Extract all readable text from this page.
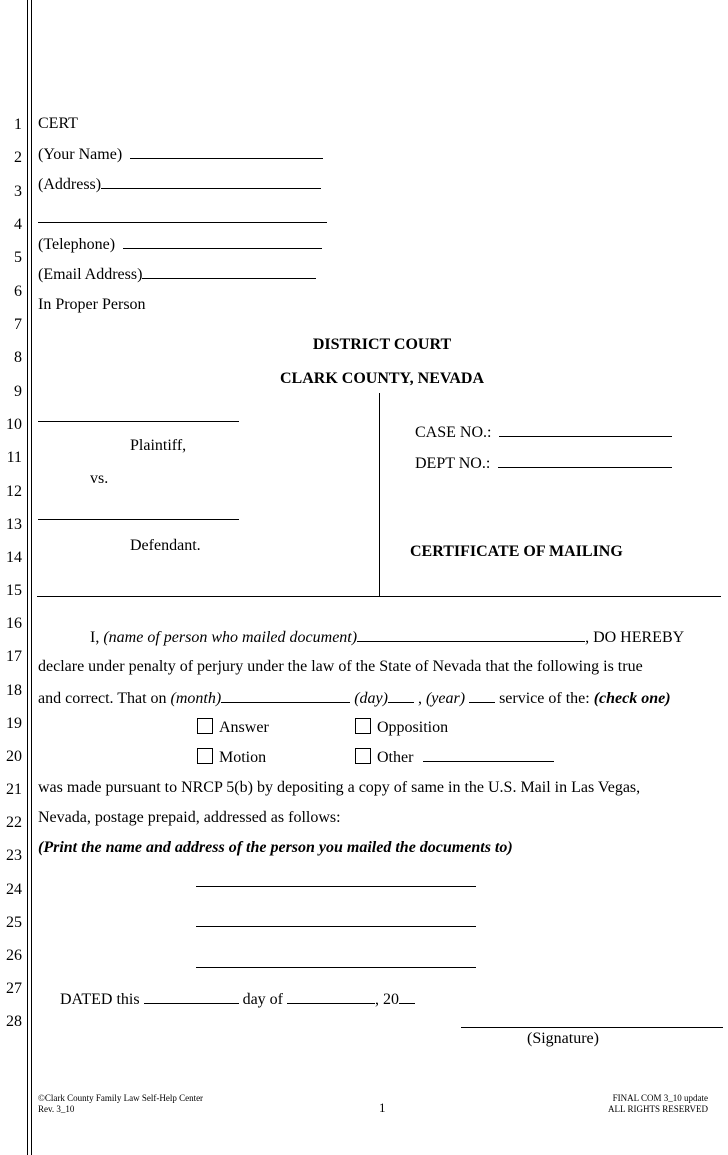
1
2
3
4
5
6
7
8
9
10
11
12
13
14
15
16
17
18
19
20
21
22
23
24
25
26
27
28
CERT
(Your Name)
(Address)
(Telephone)
(Email Address)
In Proper Person
DISTRICT COURT
CLARK COUNTY, NEVADA
Plaintiff,
vs.
Defendant.
CASE NO.:
DEPT NO.:
CERTIFICATE OF MAILING
I, (name of person who mailed document)	, DO HEREBY
declare under penalty of perjury under the law of the State of Nevada that the following is true
and correct. That on (month)	(day) , (year) service of the: (check one)
Answer	Opposition
Motion	Other
was made pursuant to NRCP 5(b) by depositing a copy of same in the U.S. Mail in Las Vegas,
Nevada, postage prepaid, addressed as follows:
(Print the name and address of the person you mailed the documents to)
DATED this	day of	, 20
(Signature)
©Clark County Family Law Self-Help Center
Rev. 3_10	1
FINAL COM 3_10 update
ALL RIGHTS RESERVED
